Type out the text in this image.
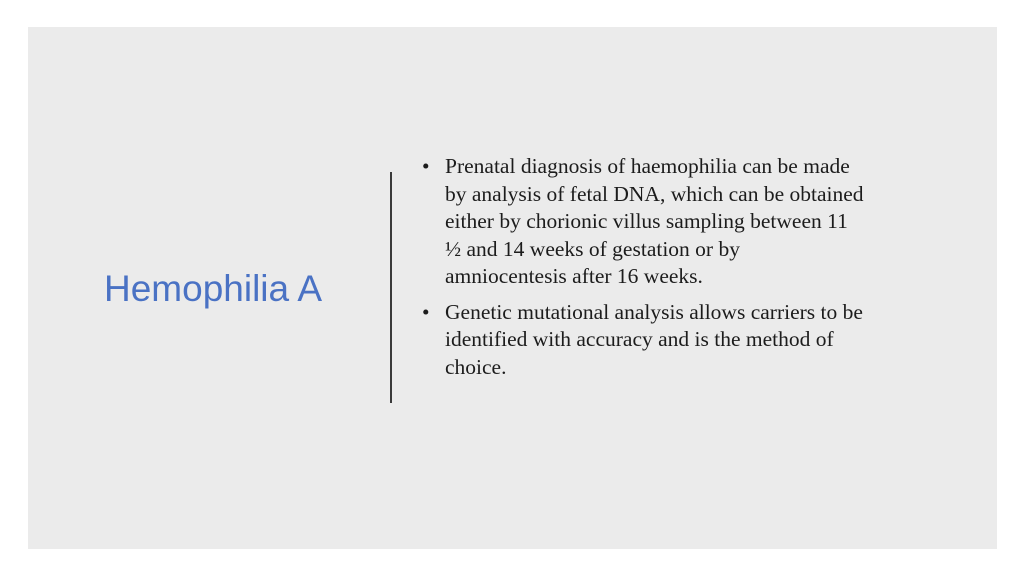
Hemophilia A
• Prenatal diagnosis of haemophilia can be made
by analysis of fetal DNA, which can be obtained
either by chorionic villus sampling between 11
½ and 14 weeks of gestation or by
amniocentesis after 16 weeks.
• Genetic mutational analysis allows carriers to be
identified with accuracy and is the method of
choice.
